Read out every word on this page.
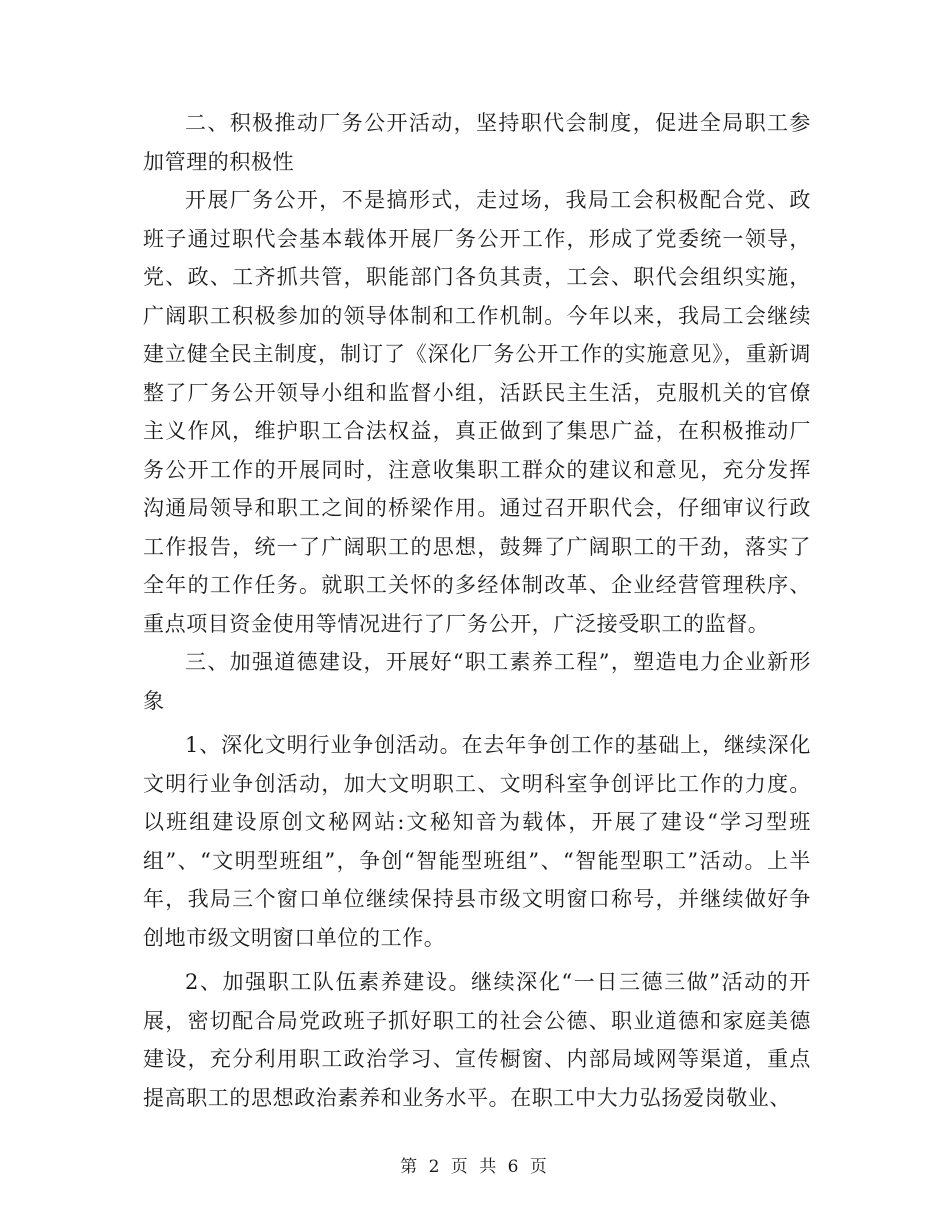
二、积极推动厂务公开活动，坚持职代会制度，促进全局职工参加管理的积极性

开展厂务公开，不是搞形式，走过场，我局工会积极配合党、政班子通过职代会基本载体开展厂务公开工作，形成了党委统一领导，党、政、工齐抓共管，职能部门各负其责，工会、职代会组织实施，广阔职工积极参加的领导体制和工作机制。今年以来，我局工会继续建立健全民主制度，制订了《深化厂务公开工作的实施意见》，重新调整了厂务公开领导小组和监督小组，活跃民主生活，克服机关的官僚主义作风，维护职工合法权益，真正做到了集思广益，在积极推动厂务公开工作的开展同时，注意收集职工群众的建议和意见，充分发挥沟通局领导和职工之间的桥梁作用。通过召开职代会，仔细审议行政工作报告，统一了广阔职工的思想，鼓舞了广阔职工的干劲，落实了全年的工作任务。就职工关怀的多经体制改革、企业经营管理秩序、重点项目资金使用等情况进行了厂务公开，广泛接受职工的监督。

三、加强道德建设，开展好“职工素养工程”，塑造电力企业新形象

1、深化文明行业争创活动。在去年争创工作的基础上，继续深化文明行业争创活动，加大文明职工、文明科室争创评比工作的力度。以班组建设原创文秘网站:文秘知音为载体，开展了建设“学习型班组”、“文明型班组”，争创“智能型班组”、“智能型职工”活动。上半年，我局三个窗口单位继续保持县市级文明窗口称号，并继续做好争创地市级文明窗口单位的工作。

2、加强职工队伍素养建设。继续深化“一日三德三做”活动的开展，密切配合局党政班子抓好职工的社会公德、职业道德和家庭美德建设，充分利用职工政治学习、宣传橱窗、内部局域网等渠道，重点提高职工的思想政治素养和业务水平。在职工中大力弘扬爱岗敬业、

第 2 页 共 6 页
